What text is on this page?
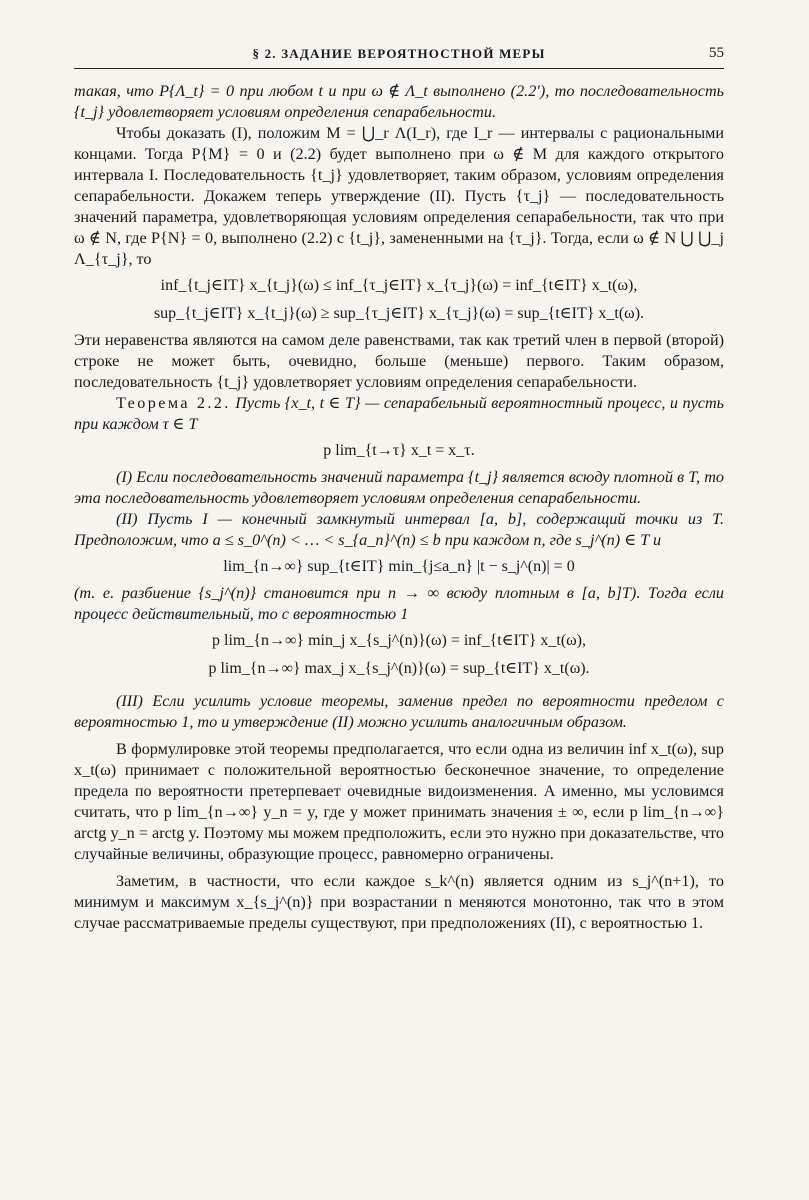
§ 2. ЗАДАНИЕ ВЕРОЯТНОСТНОЙ МЕРЫ	55

такая, что P{Λ_t} = 0 при любом t и при ω ∉ Λ_t выполнено (2.2′), то последовательность {t_j} удовлетворяет условиям определения сепарабельности.

Чтобы доказать (I), положим M = ⋃_r Λ(I_r), где I_r — интервалы с рациональными концами. Тогда P{M} = 0 и (2.2) будет выполнено при ω ∉ M для каждого открытого интервала I. Последовательность {t_j} удовлетворяет, таким образом, условиям определения сепарабельности. Докажем теперь утверждение (II). Пусть {τ_j} — последовательность значений параметра, удовлетворяющая условиям определения сепарабельности, так что при ω ∉ N, где P{N} = 0, выполнено (2.2) с {t_j}, замененными на {τ_j}. Тогда, если ω ∉ N ⋃ ⋃_j Λ_{τ_j}, то

inf_{t_j∈IT} x_{t_j}(ω) ≤ inf_{τ_j∈IT} x_{τ_j}(ω) = inf_{t∈IT} x_t(ω),
sup_{t_j∈IT} x_{t_j}(ω) ≥ sup_{τ_j∈IT} x_{τ_j}(ω) = sup_{t∈IT} x_t(ω).

Эти неравенства являются на самом деле равенствами, так как третий член в первой (второй) строке не может быть, очевидно, больше (меньше) первого. Таким образом, последовательность {t_j} удовлетворяет условиям определения сепарабельности.

Теорема 2.2. Пусть {x_t, t ∈ T} — сепарабельный вероятностный процесс, и пусть при каждом τ ∈ T

p lim_{t→τ} x_t = x_τ.

(I) Если последовательность значений параметра {t_j} является всюду плотной в T, то эта последовательность удовлетворяет условиям определения сепарабельности.

(II) Пусть I — конечный замкнутый интервал [a, b], содержащий точки из T. Предположим, что a ≤ s_0^(n) < … < s_{a_n}^(n) ≤ b при каждом n, где s_j^(n) ∈ T и

lim_{n→∞} sup_{t∈IT} min_{j≤a_n} |t − s_j^(n)| = 0

(т. е. разбиение {s_j^(n)} становится при n → ∞ всюду плотным в [a, b]T). Тогда если процесс действительный, то с вероятностью 1

p lim_{n→∞} min_j x_{s_j^(n)}(ω) = inf_{t∈IT} x_t(ω),
p lim_{n→∞} max_j x_{s_j^(n)}(ω) = sup_{t∈IT} x_t(ω).

(III) Если усилить условие теоремы, заменив предел по вероятности пределом с вероятностью 1, то и утверждение (II) можно усилить аналогичным образом.

В формулировке этой теоремы предполагается, что если одна из величин inf x_t(ω), sup x_t(ω) принимает с положительной вероятностью бесконечное значение, то определение предела по вероятности претерпевает очевидные видоизменения. А именно, мы условимся считать, что p lim_{n→∞} y_n = y, где y может принимать значения ± ∞, если p lim_{n→∞} arctg y_n = arctg y. Поэтому мы можем предположить, если это нужно при доказательстве, что случайные величины, образующие процесс, равномерно ограничены.

Заметим, в частности, что если каждое s_k^(n) является одним из s_j^(n+1), то минимум и максимум x_{s_j^(n)} при возрастании n меняются монотонно, так что в этом случае рассматриваемые пределы существуют, при предположениях (II), с вероятностью 1.
